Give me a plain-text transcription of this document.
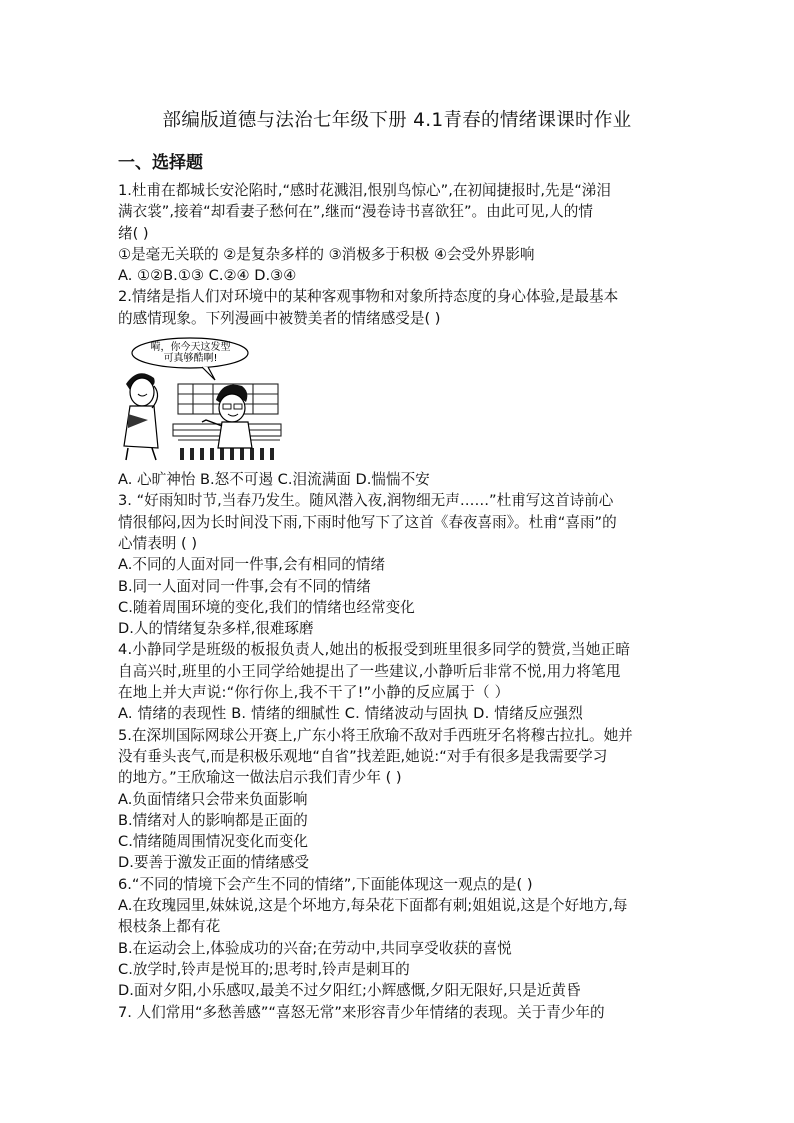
部编版道德与法治七年级下册 4.1青春的情绪课课时作业
一、选择题

1.杜甫在都城长安沦陷时,“感时花溅泪,恨别鸟惊心”,在初闻捷报时,先是“涕泪

满衣裳”,接着“却看妻子愁何在”,继而“漫卷诗书喜欲狂”。由此可见,人的情

绪( )

①是毫无关联的 ②是复杂多样的 ③消极多于积极 ④会受外界影响

A. ①②B.①③ C.②④ D.③④

2.情绪是指人们对环境中的某种客观事物和对象所持态度的身心体验,是最基本

的感情现象。下列漫画中被赞美者的情绪感受是( )

嗬，你今天这发型
可真够酷啊!

A. 心旷神怡 B.怒不可遏 C.泪流满面 D.惴惴不安

3. “好雨知时节,当春乃发生。随风潜入夜,润物细无声……”杜甫写这首诗前心

情很郁闷,因为长时间没下雨,下雨时他写下了这首《春夜喜雨》。杜甫“喜雨”的

心情表明 ( )

A.不同的人面对同一件事,会有相同的情绪

B.同一人面对同一件事,会有不同的情绪

C.随着周围环境的变化,我们的情绪也经常变化

D.人的情绪复杂多样,很难琢磨

4.小静同学是班级的板报负责人,她出的板报受到班里很多同学的赞赏,当她正暗

自高兴时,班里的小王同学给她提出了一些建议,小静听后非常不悦,用力将笔甩

在地上并大声说:“你行你上,我不干了!”小静的反应属于（ ）

A. 情绪的表现性 B. 情绪的细腻性 C. 情绪波动与固执 D. 情绪反应强烈

5.在深圳国际网球公开赛上,广东小将王欣瑜不敌对手西班牙名将穆古拉扎。她并

没有垂头丧气,而是积极乐观地“自省”找差距,她说:“对手有很多是我需要学习

的地方。”王欣瑜这一做法启示我们青少年 ( )

A.负面情绪只会带来负面影响

B.情绪对人的影响都是正面的

C.情绪随周围情况变化而变化

D.要善于激发正面的情绪感受

6.“不同的情境下会产生不同的情绪”,下面能体现这一观点的是( )

A.在玫瑰园里,妹妹说,这是个坏地方,每朵花下面都有刺;姐姐说,这是个好地方,每

根枝条上都有花

B.在运动会上,体验成功的兴奋;在劳动中,共同享受收获的喜悦

C.放学时,铃声是悦耳的;思考时,铃声是刺耳的

D.面对夕阳,小乐感叹,最美不过夕阳红;小辉感慨,夕阳无限好,只是近黄昏

7. 人们常用“多愁善感”“喜怒无常”来形容青少年情绪的表现。关于青少年的
